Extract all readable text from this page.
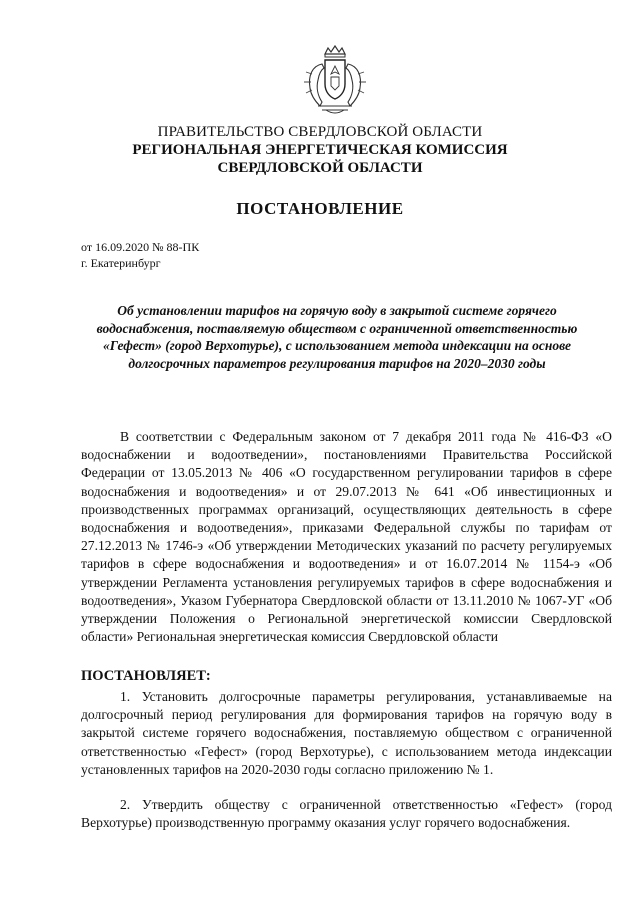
ПРАВИТЕЛЬСТВО СВЕРДЛОВСКОЙ ОБЛАСТИ
РЕГИОНАЛЬНАЯ ЭНЕРГЕТИЧЕСКАЯ КОМИССИЯ
СВЕРДЛОВСКОЙ ОБЛАСТИ
ПОСТАНОВЛЕНИЕ
от 16.09.2020 № 88-ПК
г. Екатеринбург
Об установлении тарифов на горячую воду в закрытой системе горячего водоснабжения, поставляемую обществом с ограниченной ответственностью «Гефест» (город Верхотурье), с использованием метода индексации на основе долгосрочных параметров регулирования тарифов на 2020–2030 годы
В соответствии с Федеральным законом от 7 декабря 2011 года № 416-ФЗ «О водоснабжении и водоотведении», постановлениями Правительства Российской Федерации от 13.05.2013 № 406 «О государственном регулировании тарифов в сфере водоснабжения и водоотведения» и от 29.07.2013 № 641 «Об инвестиционных и производственных программах организаций, осуществляющих деятельность в сфере водоснабжения и водоотведения», приказами Федеральной службы по тарифам от 27.12.2013 № 1746-э «Об утверждении Методических указаний по расчету регулируемых тарифов в сфере водоснабжения и водоотведения» и от 16.07.2014 № 1154-э «Об утверждении Регламента установления регулируемых тарифов в сфере водоснабжения и водоотведения», Указом Губернатора Свердловской области от 13.11.2010 № 1067-УГ «Об утверждении Положения о Региональной энергетической комиссии Свердловской области» Региональная энергетическая комиссия Свердловской области
ПОСТАНОВЛЯЕТ:
1. Установить долгосрочные параметры регулирования, устанавливаемые на долгосрочный период регулирования для формирования тарифов на горячую воду в закрытой системе горячего водоснабжения, поставляемую обществом с ограниченной ответственностью «Гефест» (город Верхотурье), с использованием метода индексации установленных тарифов на 2020-2030 годы согласно приложению № 1.
2. Утвердить обществу с ограниченной ответственностью «Гефест» (город Верхотурье) производственную программу оказания услуг горячего водоснабжения.
